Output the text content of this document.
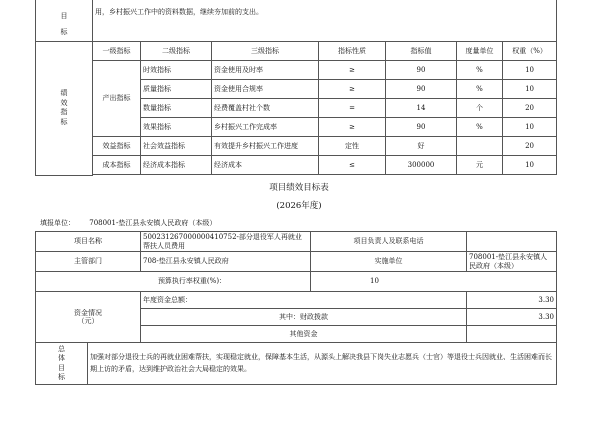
目
标	用，乡村振兴工作中的资料数据，继续夯加前的支出。						

绩
效
指
标	一级指标	二级指标	三级指标	指标性质	指标值	度量单位	权重（%）
	产出指标	时效指标	资金使用及时率	≥	90	%	10
		质量指标	资金使用合规率	≥	90	%	10
		数量指标	经费覆盖村社个数	=	14	个	20
		效果指标	乡村振兴工作完成率	≥	90	%	10
	效益指标	社会效益指标	有效提升乡村振兴工作进度	定性	好		20
	成本指标	经济成本指标	经济成本	≤	300000	元	10

项目绩效目标表
(2026年度)
填报单位： 708001-垫江县永安镇人民政府（本级）
项目名称		50023126700000041075​2-部分退役军人再就业帮扶人员费用	项目负责人及联系电话	
主管部门		708-垫江县永安镇人民政府	实施单位	708001-垫江县永安镇人民政府（本级）
预算执行率权重(%)：			10	

资金情况
（元）		年度资金总额：		3.30
		其中：财政拨款		3.30
		其他资金		

总
体
目
标	加强对部分退役士兵的再就业困难帮扶，实现稳定就业，保障基本生活，从源头上解决我县下岗失业志愿兵（士官）等退役士兵因就业、生活困难而长期上访的矛盾，达到维护政治社会大局稳定的效果。			
